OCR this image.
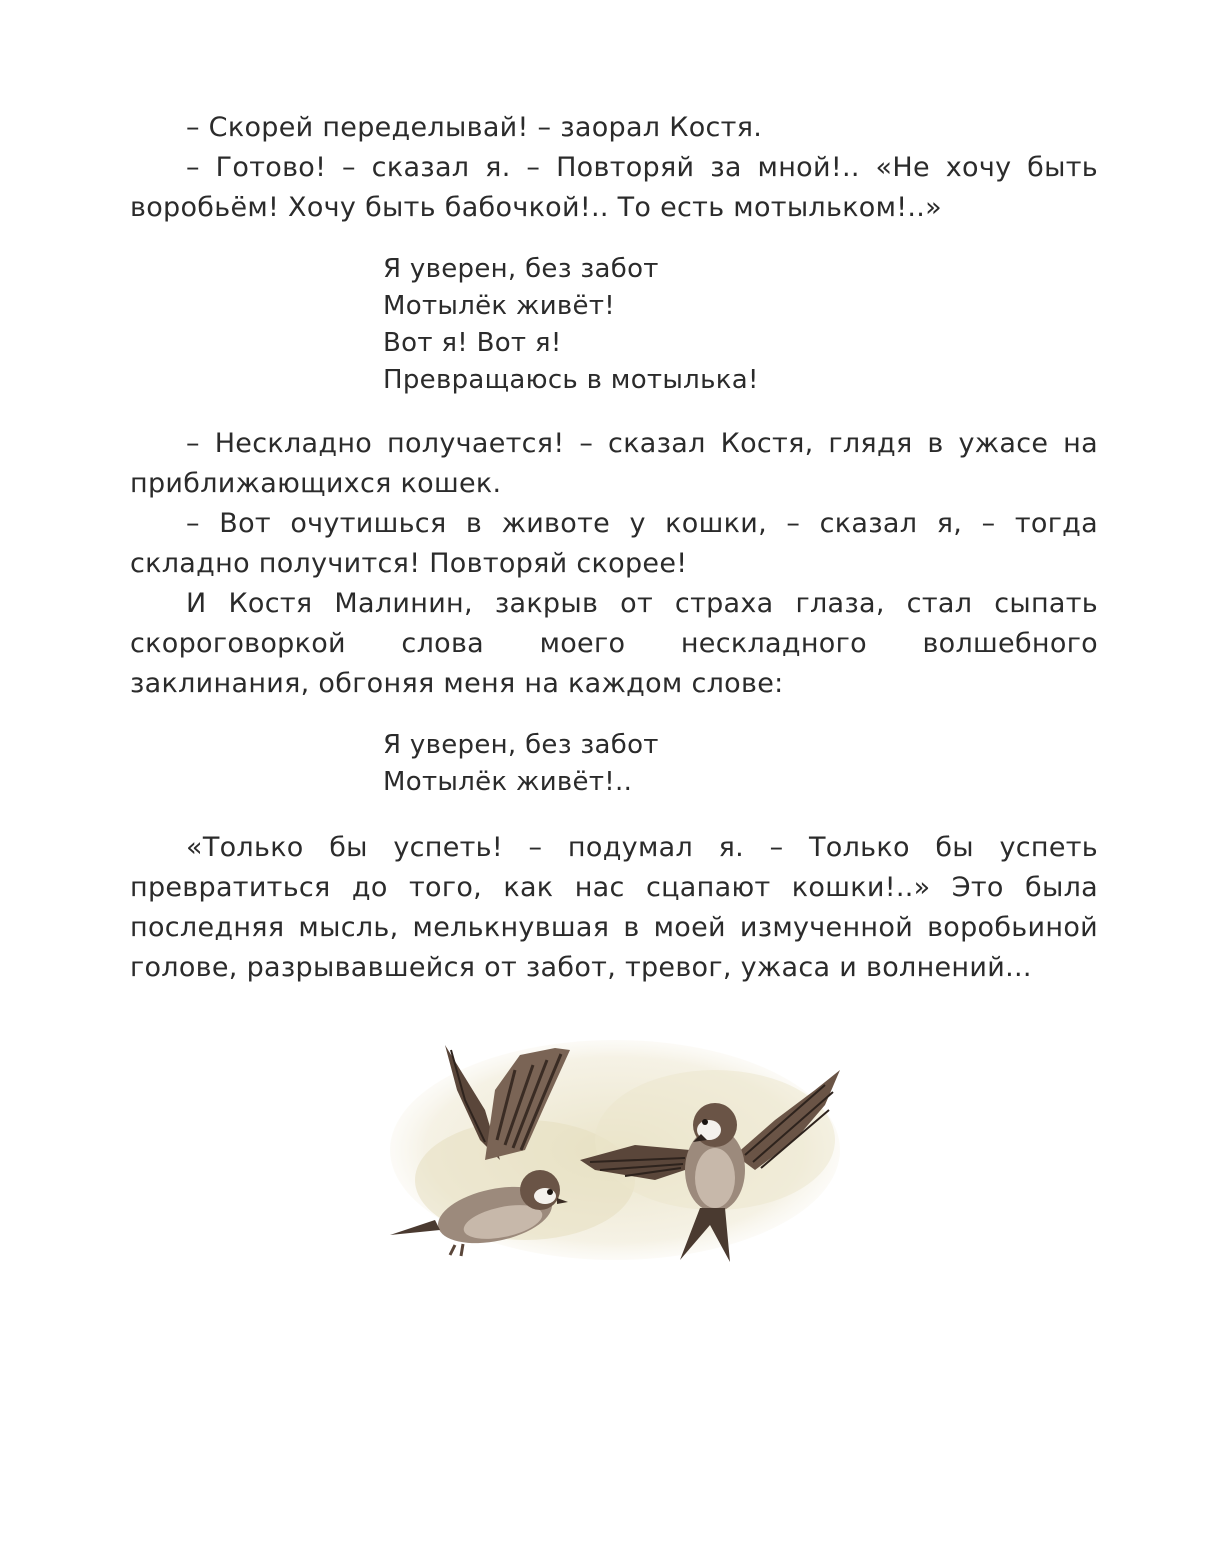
– Скорей переделывай! – заорал Костя.

– Готово! – сказал я. – Повторяй за мной!.. «Не хочу быть воробьём! Хочу быть бабочкой!.. То есть мотыльком!..»

Я уверен, без забот
Мотылёк живёт!
Вот я! Вот я!
Превращаюсь в мотылька!

– Нескладно получается! – сказал Костя, глядя в ужасе на приближающихся кошек.

– Вот очутишься в животе у кошки, – сказал я, – тогда складно получится! Повторяй скорее!

И Костя Малинин, закрыв от страха глаза, стал сыпать скороговоркой слова моего нескладного волшебного заклинания, обгоняя меня на каждом слове:

Я уверен, без забот
Мотылёк живёт!..

«Только бы успеть! – подумал я. – Только бы успеть превратиться до того, как нас сцапают кошки!..» Это была последняя мысль, мелькнувшая в моей измученной воробьиной голове, разрывавшейся от забот, тревог, ужаса и волнений...
